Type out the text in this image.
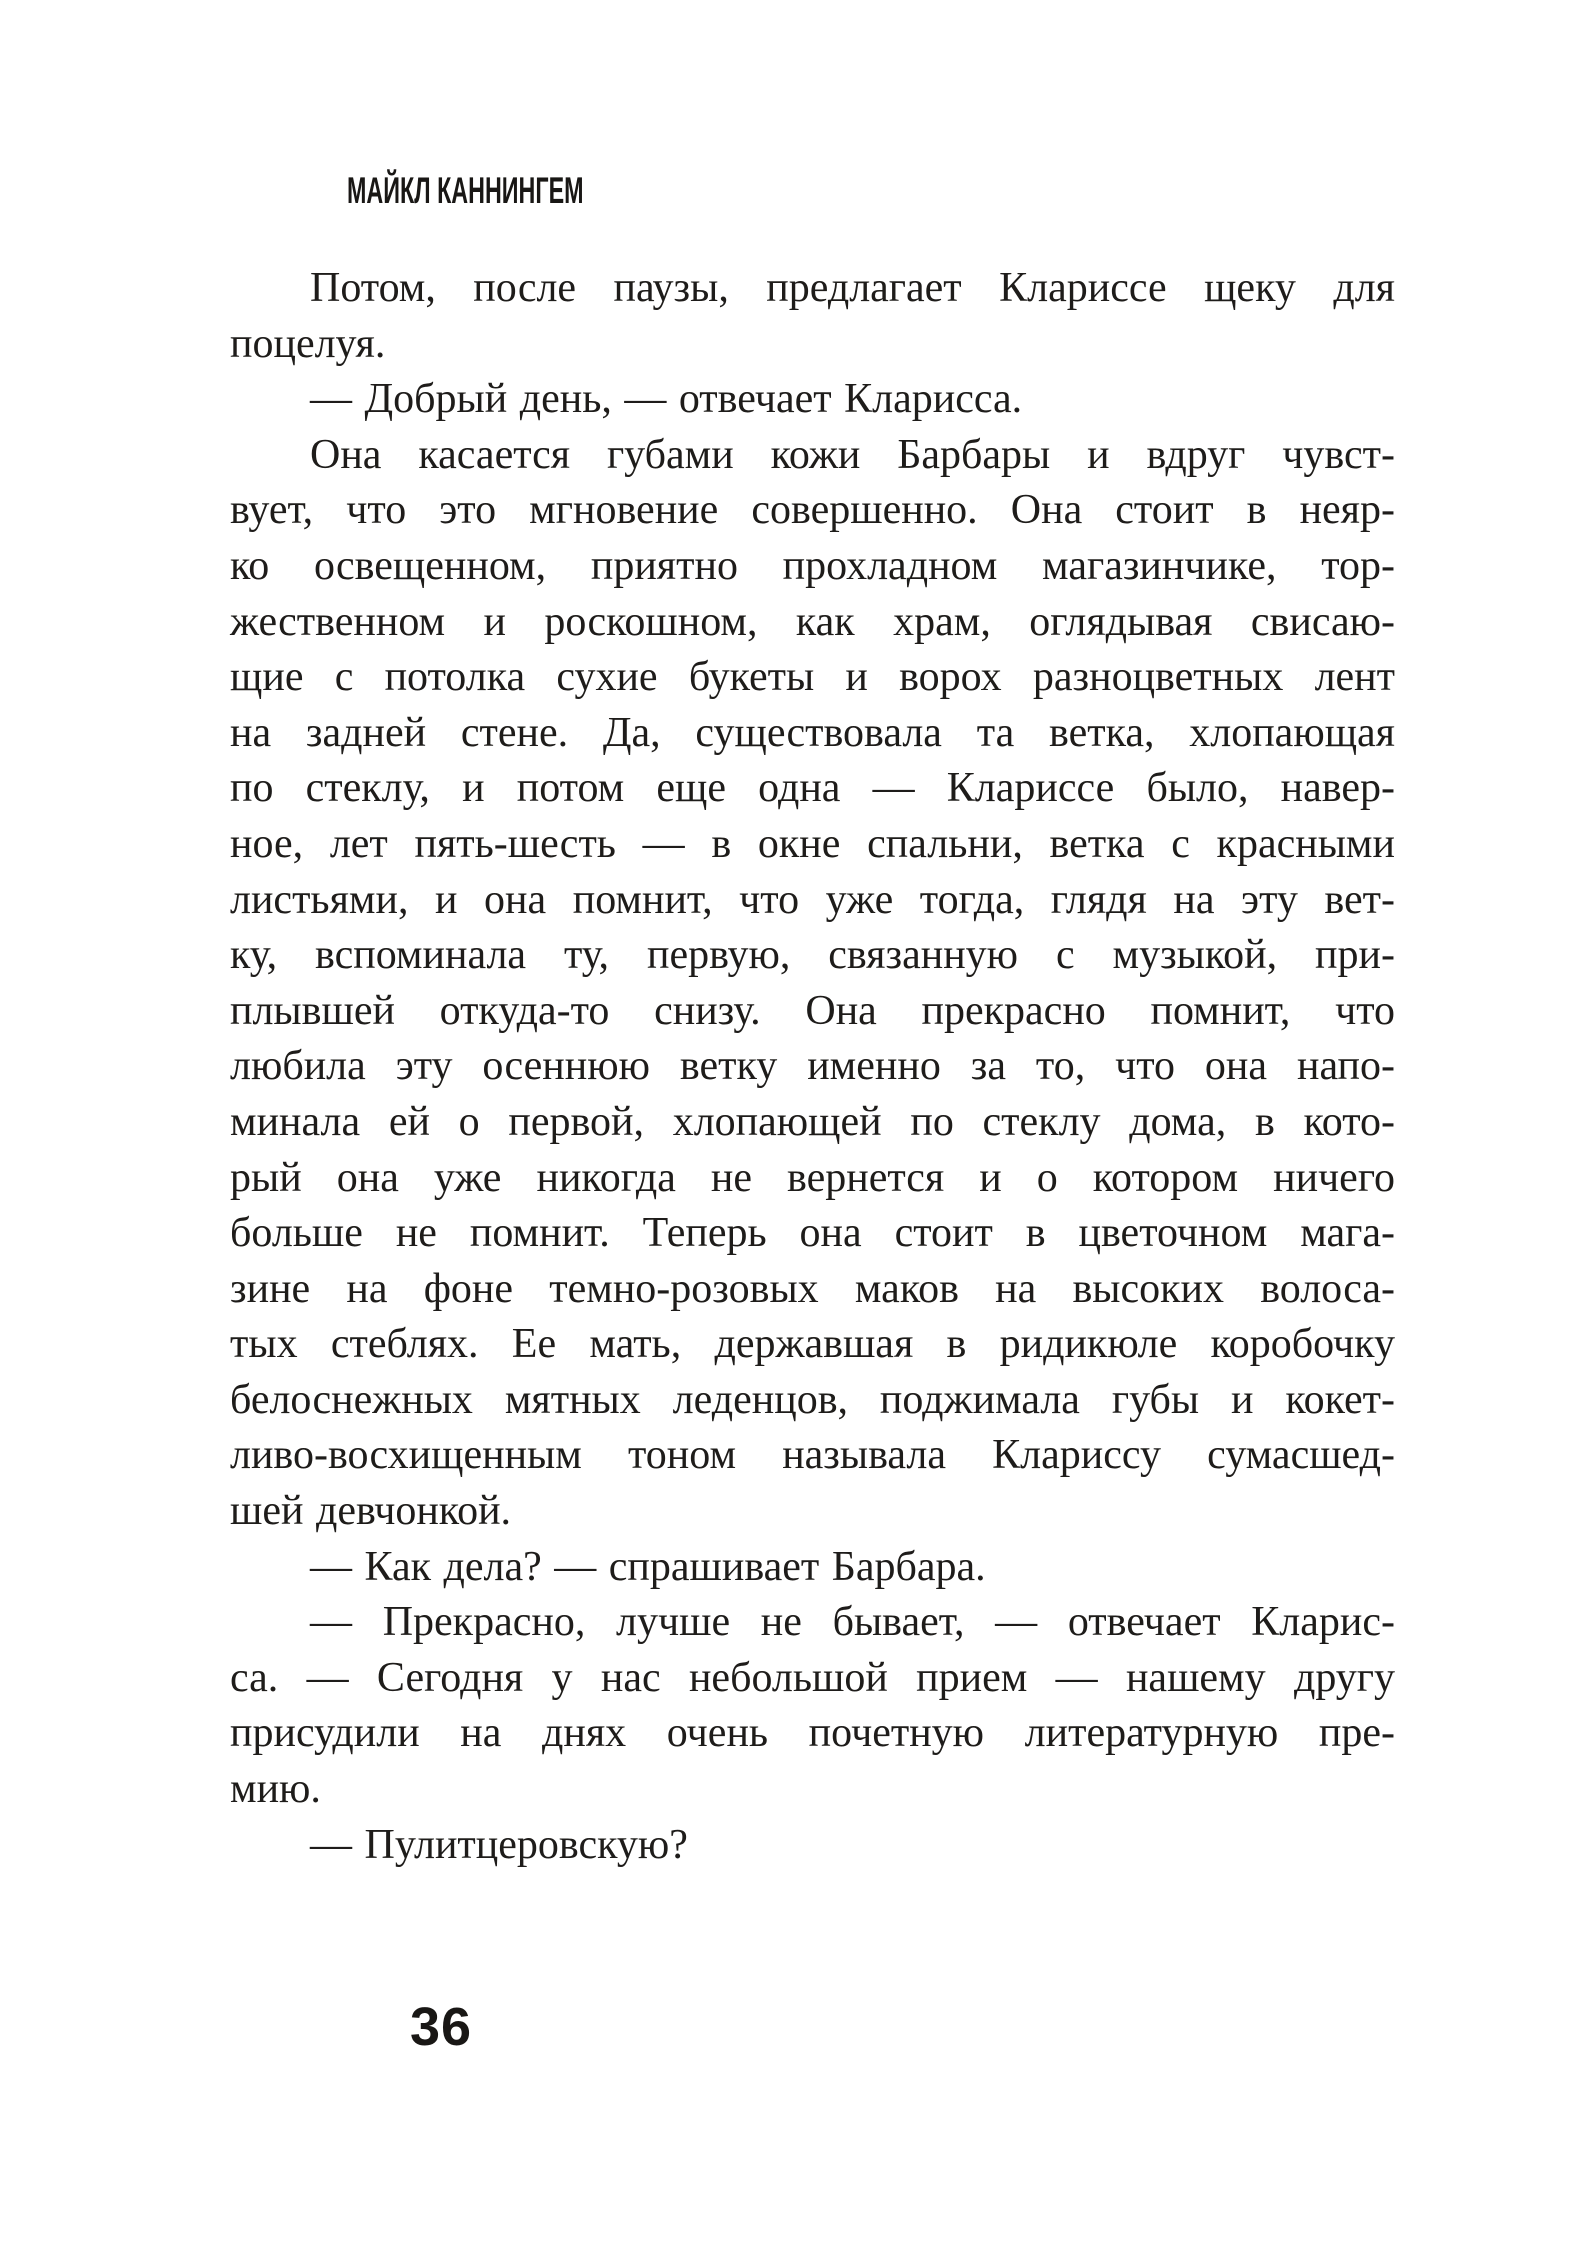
МАЙКЛ КАННИНГЕМ
Потом, после паузы, предлагает Клариссе щеку для
поцелуя.
— Добрый день, — отвечает Кларисса.
Она касается губами кожи Барбары и вдруг чувст-
вует, что это мгновение совершенно. Она стоит в неяр-
ко освещенном, приятно прохладном магазинчике, тор-
жественном и роскошном, как храм, оглядывая свисаю-
щие с потолка сухие букеты и ворох разноцветных лент
на задней стене. Да, существовала та ветка, хлопающая
по стеклу, и потом еще одна — Клариссе было, навер-
ное, лет пять-шесть — в окне спальни, ветка с красными
листьями, и она помнит, что уже тогда, глядя на эту вет-
ку, вспоминала ту, первую, связанную с музыкой, при-
плывшей откуда-то снизу. Она прекрасно помнит, что
любила эту осеннюю ветку именно за то, что она напо-
минала ей о первой, хлопающей по стеклу дома, в кото-
рый она уже никогда не вернется и о котором ничего
больше не помнит. Теперь она стоит в цветочном мага-
зине на фоне темно-розовых маков на высоких волоса-
тых стеблях. Ее мать, державшая в ридикюле коробочку
белоснежных мятных леденцов, поджимала губы и кокет-
ливо-восхищенным тоном называла Клариссу сумасшед-
шей девчонкой.
— Как дела? — спрашивает Барбара.
— Прекрасно, лучше не бывает, — отвечает Кларис-
са. — Сегодня у нас небольшой прием — нашему другу
присудили на днях очень почетную литературную пре-
мию.
— Пулитцеровскую?
36
